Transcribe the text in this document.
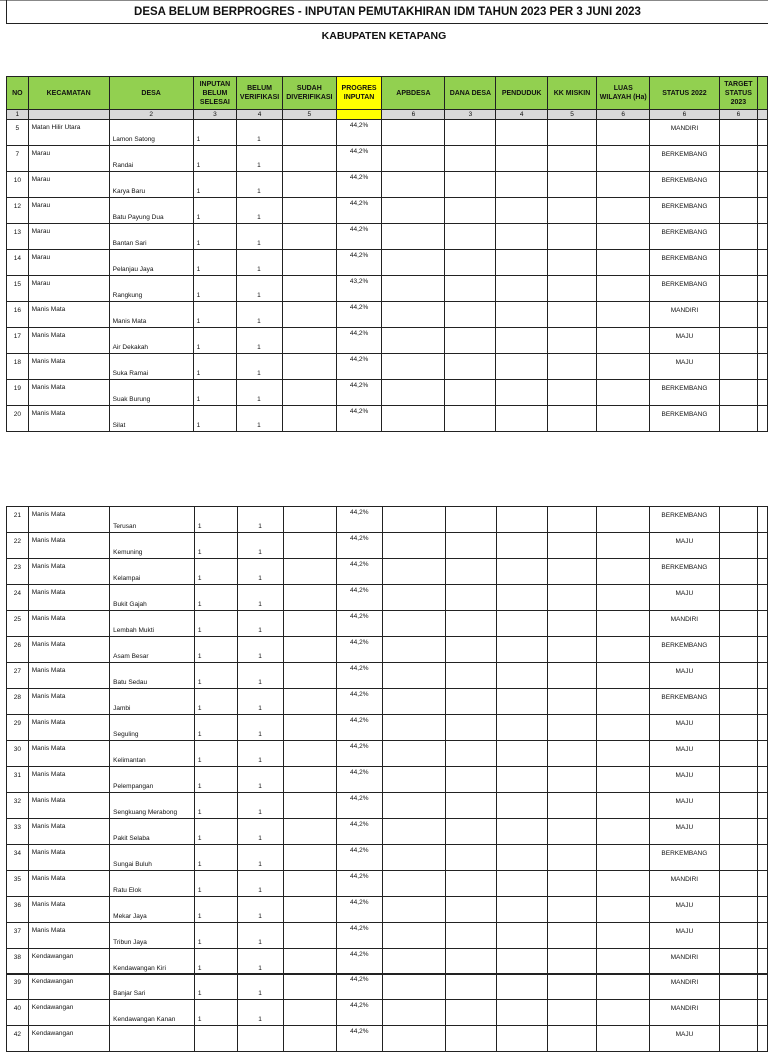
DESA BELUM BERPROGRES - INPUTAN PEMUTAKHIRAN IDM TAHUN 2023 PER 3 JUNI 2023
KABUPATEN KETAPANG
NO	KECAMATAN	DESA	INPUTAN BELUM SELESAI	BELUM VERIFIKASI	SUDAH DIVERIFIKASI	PROGRES INPUTAN	APBDESA	DANA DESA	PENDUDUK	KK MISKIN	LUAS WILAYAH (Ha)	STATUS 2022	TARGET STATUS 2023	
1		2	3	4	5		6	3	4	5	6	6	6	
5	Matan Hilir Utara	Lamon Satong	1	1		44,2%						MANDIRI		
7	Marau	Randai	1	1		44,2%						BERKEMBANG		
10	Marau	Karya Baru	1	1		44,2%						BERKEMBANG		
12	Marau	Batu Payung Dua	1	1		44,2%						BERKEMBANG		
13	Marau	Bantan Sari	1	1		44,2%						BERKEMBANG		
14	Marau	Pelanjau Jaya	1	1		44,2%						BERKEMBANG		
15	Marau	Rangkung	1	1		43,2%						BERKEMBANG		
16	Manis Mata	Manis Mata	1	1		44,2%						MANDIRI		
17	Manis Mata	Air Dekakah	1	1		44,2%						MAJU		
18	Manis Mata	Suka Ramai	1	1		44,2%						MAJU		
19	Manis Mata	Suak Burung	1	1		44,2%						BERKEMBANG		
20	Manis Mata	Silat	1	1		44,2%						BERKEMBANG		
21	Manis Mata	Terusan	1	1		44,2%						BERKEMBANG		
22	Manis Mata	Kemuning	1	1		44,2%						MAJU		
23	Manis Mata	Kelampai	1	1		44,2%						BERKEMBANG		
24	Manis Mata	Bukit Gajah	1	1		44,2%						MAJU		
25	Manis Mata	Lembah Mukti	1	1		44,2%						MANDIRI		
26	Manis Mata	Asam Besar	1	1		44,2%						BERKEMBANG		
27	Manis Mata	Batu Sedau	1	1		44,2%						MAJU		
28	Manis Mata	Jambi	1	1		44,2%						BERKEMBANG		
29	Manis Mata	Seguling	1	1		44,2%						MAJU		
30	Manis Mata	Kelimantan	1	1		44,2%						MAJU		
31	Manis Mata	Pelempangan	1	1		44,2%						MAJU		
32	Manis Mata	Sengkuang Merabong	1	1		44,2%						MAJU		
33	Manis Mata	Pakit Selaba	1	1		44,2%						MAJU		
34	Manis Mata	Sungai Buluh	1	1		44,2%						BERKEMBANG		
35	Manis Mata	Ratu Elok	1	1		44,2%						MANDIRI		
36	Manis Mata	Mekar Jaya	1	1		44,2%						MAJU		
37	Manis Mata	Tribun Jaya	1	1		44,2%						MAJU		
38	Kendawangan	Kendawangan Kiri	1	1		44,2%						MANDIRI		
39	Kendawangan	Banjar Sari	1	1		44,2%						MANDIRI		
40	Kendawangan	Kendawangan Kanan	1	1		44,2%						MANDIRI		
42	Kendawangan					44,2%						MAJU		
